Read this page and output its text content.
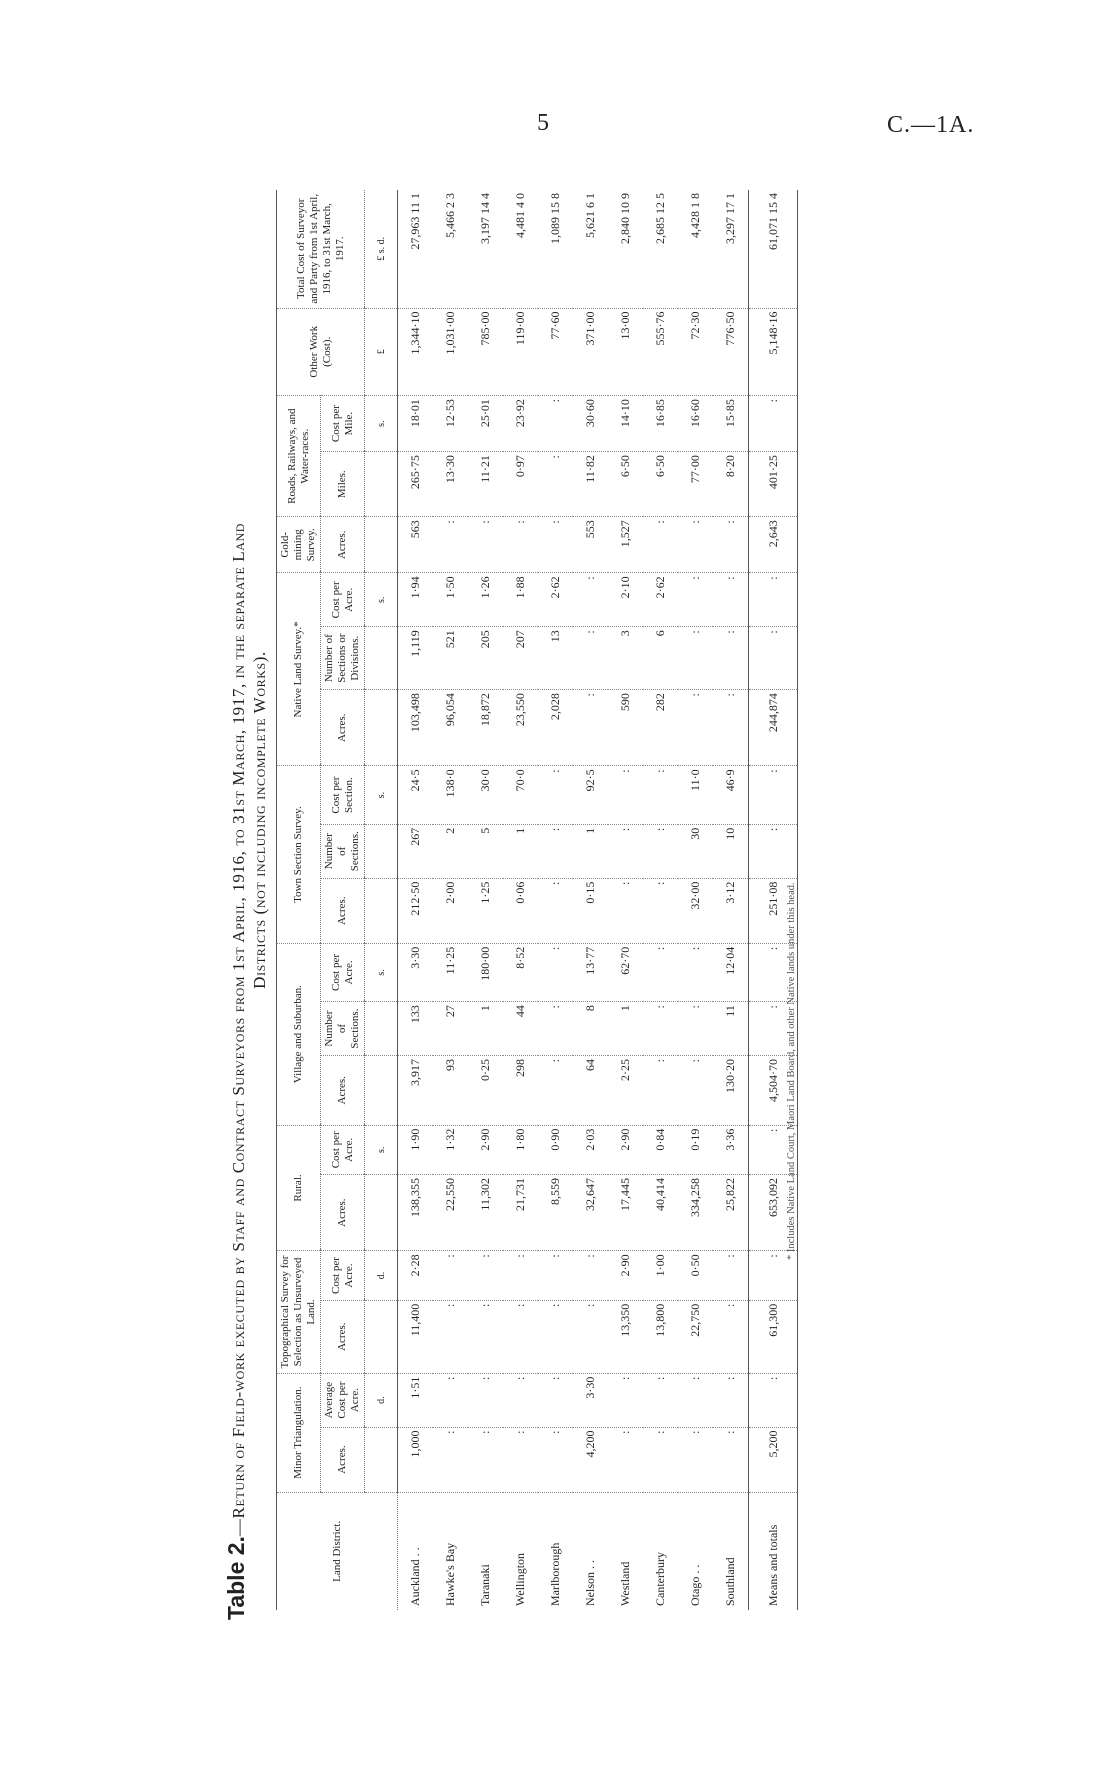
5	C.—1A.
Table 2.—Return of Field-work executed by Staff and Contract Surveyors from 1st April, 1916, to 31st March, 1917, in the separate Land Districts (not including incomplete Works).
Land District.	Minor Triangulation.		Topographical Survey for Selection as Unsurveyed Land.		Rural.		Village and Suburban.			Town Section Survey.			Native Land Survey.*			Gold-mining Survey.	Roads, Railways, and Water-races.		Other Work (Cost).	Total Cost of Surveyor and Party from 1st April, 1916, to 31st March, 1917.
	Acres.	Average Cost per Acre.	Acres.	Cost per Acre.	Acres.	Cost per Acre.	Acres.	Number of Sections.	Cost per Acre.	Acres.	Number of Sections.	Cost per Section.	Acres.	Number of Sections or Divisions.	Cost per Acre.	Acres.	Miles.	Cost per Mile.		
		d.		d.		s.			s.			s.			s.			s.	£	£ s. d.
Auckland . .	1,000	1·51	11,400	2·28	138,355	1·90	3,917	133	3·30	212·50	267	24·5	103,498	1,119	1·94	563	265·75	18·01	1,344·10	27,963 11 1
Hawke's Bay	:	:	:	:	22,550	1·32	93	27	11·25	2·00	2	138·0	96,054	521	1·50	:	13·30	12·53	1,031·00	5,466 2 3
Taranaki	:	:	:	:	11,302	2·90	0·25	1	180·00	1·25	5	30·0	18,872	205	1·26	:	11·21	25·01	785·00	3,197 14 4
Wellington	:	:	:	:	21,731	1·80	298	44	8·52	0·06	1	70·0	23,550	207	1·88	:	0·97	23·92	119·00	4,481 4 0
Marlborough	:	:	:	:	8,559	0·90	:	:	:	:	:	:	2,028	13	2·62	:	:	:	77·60	1,089 15 8
Nelson . .	4,200	3·30	:	:	32,647	2·03	64	8	13·77	0·15	1	92·5	:	:	:	553	11·82	30·60	371·00	5,621 6 1
Westland	:	:	13,350	2·90	17,445	2·90	2·25	1	62·70	:	:	:	590	3	2·10	1,527	6·50	14·10	13·00	2,840 10 9
Canterbury	:	:	13,800	1·00	40,414	0·84	:	:	:	:	:	:	282	6	2·62	:	6·50	16·85	555·76	2,685 12 5
Otago . .	:	:	22,750	0·50	334,258	0·19	:	:	:	32·00	30	11·0	:	:	:	:	77·00	16·60	72·30	4,428 1 8
Southland	:	:	:	:	25,822	3·36	130·20	11	12·04	3·12	10	46·9	:	:	:	:	8·20	15·85	776·50	3,297 17 1
Means and totals	5,200	:	61,300	:	653,092	:	4,504·70	:	:	251·08	:	:	244,874	:	:	2,643	401·25	:	5,148·16	61,071 15 4
* Includes Native Land Court, Maori Land Board, and other Native lands under this head.
